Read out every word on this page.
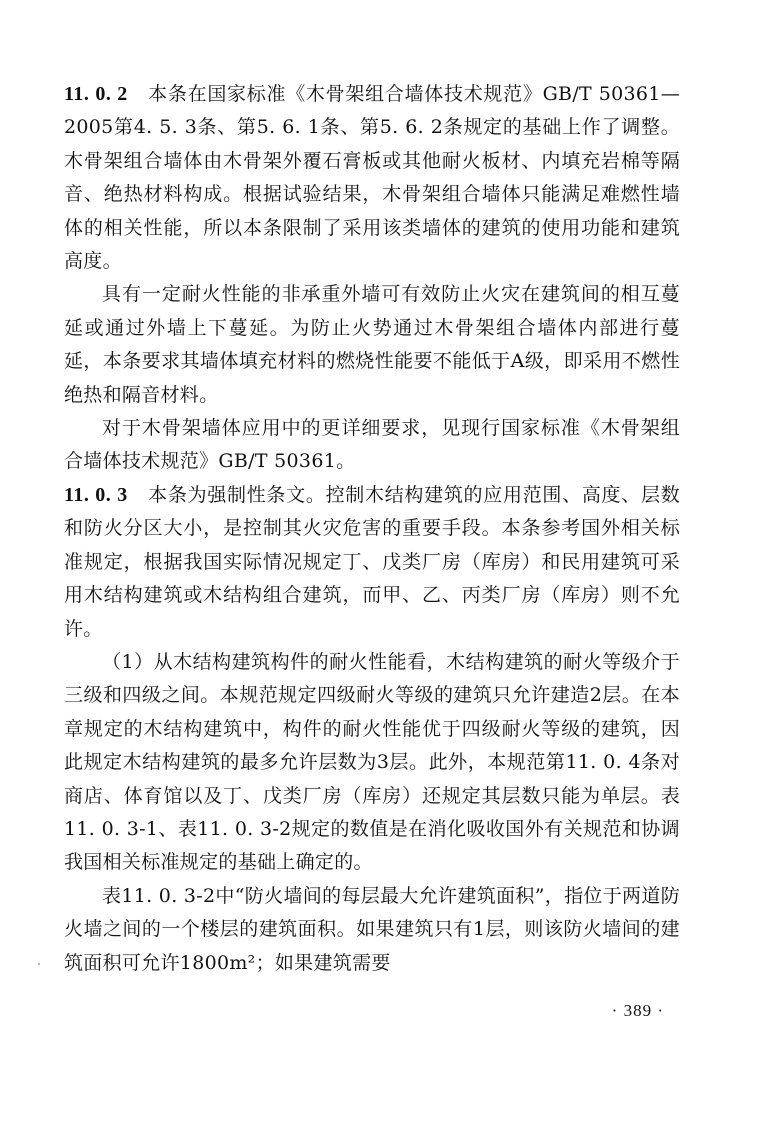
11. 0. 2 本条在国家标准《木骨架组合墙体技术规范》GB/T 50361—2005第4. 5. 3条、第5. 6. 1条、第5. 6. 2条规定的基础上作了调整。木骨架组合墙体由木骨架外覆石膏板或其他耐火板材、内填充岩棉等隔音、绝热材料构成。根据试验结果，木骨架组合墙体只能满足难燃性墙体的相关性能，所以本条限制了采用该类墙体的建筑的使用功能和建筑高度。

具有一定耐火性能的非承重外墙可有效防止火灾在建筑间的相互蔓延或通过外墙上下蔓延。为防止火势通过木骨架组合墙体内部进行蔓延，本条要求其墙体填充材料的燃烧性能要不能低于A级，即采用不燃性绝热和隔音材料。

对于木骨架墙体应用中的更详细要求，见现行国家标准《木骨架组合墙体技术规范》GB/T 50361。

11. 0. 3 本条为强制性条文。控制木结构建筑的应用范围、高度、层数和防火分区大小，是控制其火灾危害的重要手段。本条参考国外相关标准规定，根据我国实际情况规定丁、戊类厂房（库房）和民用建筑可采用木结构建筑或木结构组合建筑，而甲、乙、丙类厂房（库房）则不允许。

（1）从木结构建筑构件的耐火性能看，木结构建筑的耐火等级介于三级和四级之间。本规范规定四级耐火等级的建筑只允许建造2层。在本章规定的木结构建筑中，构件的耐火性能优于四级耐火等级的建筑，因此规定木结构建筑的最多允许层数为3层。此外，本规范第11. 0. 4条对商店、体育馆以及丁、戊类厂房（库房）还规定其层数只能为单层。表11. 0. 3-1、表11. 0. 3-2规定的数值是在消化吸收国外有关规范和协调我国相关标准规定的基础上确定的。

表11. 0. 3-2中“防火墙间的每层最大允许建筑面积”，指位于两道防火墙之间的一个楼层的建筑面积。如果建筑只有1层，则该防火墙间的建筑面积可允许1800m²；如果建筑需要

· 389 ·
